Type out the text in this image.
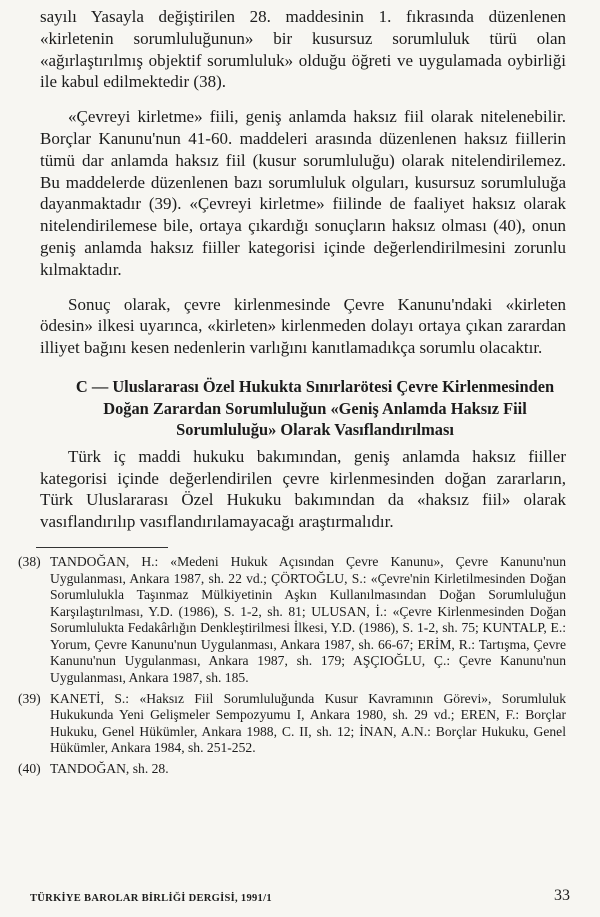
sayılı Yasayla değiştirilen 28. maddesinin 1. fıkrasında düzenlenen «kirletenin sorumluluğunun» bir kusursuz sorumluluk türü olan «ağırlaştırılmış objektif sorumluluk» olduğu öğreti ve uygulamada oybirliği ile kabul edilmektedir (38).

«Çevreyi kirletme» fiili, geniş anlamda haksız fiil olarak nitelenebilir. Borçlar Kanunu'nun 41-60. maddeleri arasında düzenlenen haksız fiillerin tümü dar anlamda haksız fiil (kusur sorumluluğu) olarak nitelendirilemez. Bu maddelerde düzenlenen bazı sorumluluk olguları, kusursuz sorumluluğa dayanmaktadır (39). «Çevreyi kirletme» fiilinde de faaliyet haksız olarak nitelendirilemese bile, ortaya çıkardığı sonuçların haksız olması (40), onun geniş anlamda haksız fiiller kategorisi içinde değerlendirilmesini zorunlu kılmaktadır.

Sonuç olarak, çevre kirlenmesinde Çevre Kanunu'ndaki «kirleten ödesin» ilkesi uyarınca, «kirleten» kirlenmeden dolayı ortaya çıkan zarardan illiyet bağını kesen nedenlerin varlığını kanıtlamadıkça sorumlu olacaktır.

C — Uluslararası Özel Hukukta Sınırlarötesi Çevre Kirlenmesinden Doğan Zarardan Sorumluluğun «Geniş Anlamda Haksız Fiil Sorumluluğu» Olarak Vasıflandırılması

Türk iç maddi hukuku bakımından, geniş anlamda haksız fiiller kategorisi içinde değerlendirilen çevre kirlenmesinden doğan zararların, Türk Uluslararası Özel Hukuku bakımından da «haksız fiil» olarak vasıflandırılıp vasıflandırılamayacağı araştırmalıdır.

(38) TANDOĞAN, H.: «Medeni Hukuk Açısından Çevre Kanunu», Çevre Kanunu'nun Uygulanması, Ankara 1987, sh. 22 vd.; ÇÖRTOĞLU, S.: «Çevre'nin Kirletilmesinden Doğan Sorumlulukla Taşınmaz Mülkiyetinin Aşkın Kullanılmasından Doğan Sorumluluğun Karşılaştırılması, Y.D. (1986), S. 1-2, sh. 81; ULUSAN, İ.: «Çevre Kirlenmesinden Doğan Sorumlulukta Fedakârlığın Denkleştirilmesi İlkesi, Y.D. (1986), S. 1-2, sh. 75; KUNTALP, E.: Yorum, Çevre Kanunu'nun Uygulanması, Ankara 1987, sh. 66-67; ERİM, R.: Tartışma, Çevre Kanunu'nun Uygulanması, Ankara 1987, sh. 179; AŞÇIOĞLU, Ç.: Çevre Kanunu'nun Uygulanması, Ankara 1987, sh. 185.
(39) KANETİ, S.: «Haksız Fiil Sorumluluğunda Kusur Kavramının Görevi», Sorumluluk Hukukunda Yeni Gelişmeler Sempozyumu I, Ankara 1980, sh. 29 vd.; EREN, F.: Borçlar Hukuku, Genel Hükümler, Ankara 1988, C. II, sh. 12; İNAN, A.N.: Borçlar Hukuku, Genel Hükümler, Ankara 1984, sh. 251-252.
(40) TANDOĞAN, sh. 28.
TÜRKİYE BAROLAR BİRLİĞİ DERGİSİ, 1991/1	33
